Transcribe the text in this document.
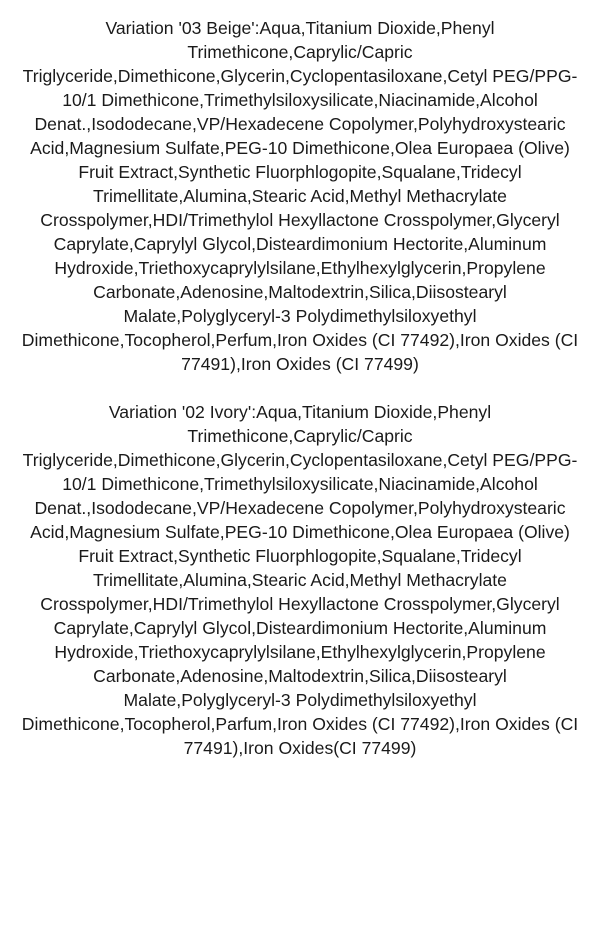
Variation '03 Beige':Aqua,Titanium Dioxide,Phenyl Trimethicone,Caprylic/Capric Triglyceride,Dimethicone,Glycerin,Cyclopentasiloxane,Cetyl PEG/PPG-10/1 Dimethicone,Trimethylsiloxysilicate,Niacinamide,Alcohol Denat.,Isododecane,VP/Hexadecene Copolymer,Polyhydroxystearic Acid,Magnesium Sulfate,PEG-10 Dimethicone,Olea Europaea (Olive) Fruit Extract,Synthetic Fluorphlogopite,Squalane,Tridecyl Trimellitate,Alumina,Stearic Acid,Methyl Methacrylate Crosspolymer,HDI/Trimethylol Hexyllactone Crosspolymer,Glyceryl Caprylate,Caprylyl Glycol,Disteardimonium Hectorite,Aluminum Hydroxide,Triethoxycaprylylsilane,Ethylhexylglycerin,Propylene Carbonate,Adenosine,Maltodextrin,Silica,Diisostearyl Malate,Polyglyceryl-3 Polydimethylsiloxyethyl Dimethicone,Tocopherol,Perfum,Iron Oxides (CI 77492),Iron Oxides (CI 77491),Iron Oxides (CI 77499)

Variation '02 Ivory':Aqua,Titanium Dioxide,Phenyl Trimethicone,Caprylic/Capric Triglyceride,Dimethicone,Glycerin,Cyclopentasiloxane,Cetyl PEG/PPG-10/1 Dimethicone,Trimethylsiloxysilicate,Niacinamide,Alcohol Denat.,Isododecane,VP/Hexadecene Copolymer,Polyhydroxystearic Acid,Magnesium Sulfate,PEG-10 Dimethicone,Olea Europaea (Olive) Fruit Extract,Synthetic Fluorphlogopite,Squalane,Tridecyl Trimellitate,Alumina,Stearic Acid,Methyl Methacrylate Crosspolymer,HDI/Trimethylol Hexyllactone Crosspolymer,Glyceryl Caprylate,Caprylyl Glycol,Disteardimonium Hectorite,Aluminum Hydroxide,Triethoxycaprylylsilane,Ethylhexylglycerin,Propylene Carbonate,Adenosine,Maltodextrin,Silica,Diisostearyl Malate,Polyglyceryl-3 Polydimethylsiloxyethyl Dimethicone,Tocopherol,Parfum,Iron Oxides (CI 77492),Iron Oxides (CI 77491),Iron Oxides(CI 77499)
